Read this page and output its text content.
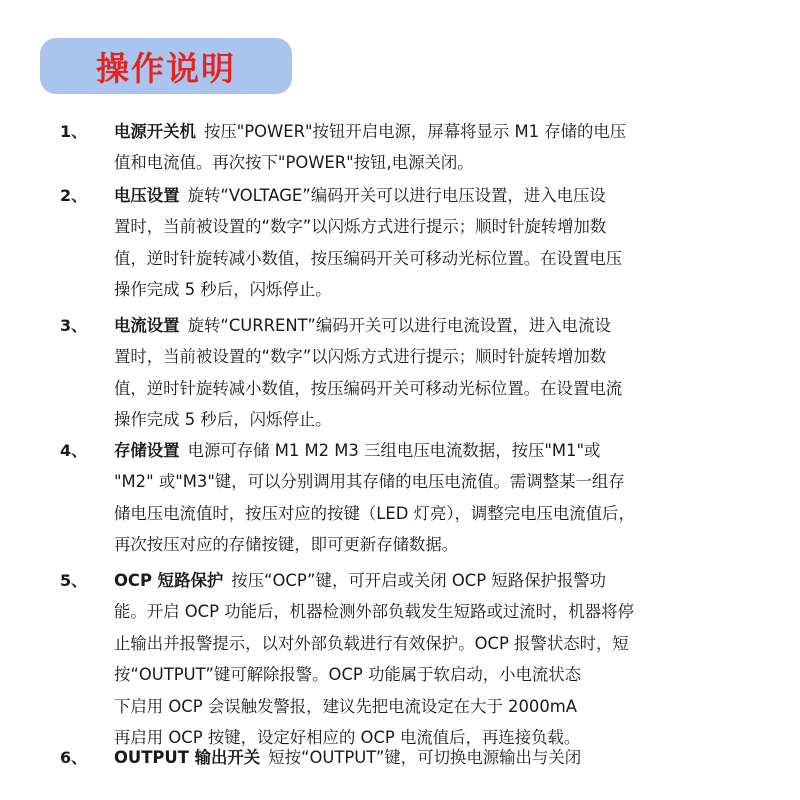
操作说明
1、 电源开关机 按压"POWER"按钮开启电源，屏幕将显示 M1 存储的电压
值和电流值。再次按下"POWER"按钮,电源关闭。
2、 电压设置 旋转“VOLTAGE”编码开关可以进行电压设置，进入电压设
置时，当前被设置的“数字”以闪烁方式进行提示；顺时针旋转增加数
值，逆时针旋转减小数值，按压编码开关可移动光标位置。在设置电压
操作完成 5 秒后，闪烁停止。
3、 电流设置 旋转“CURRENT”编码开关可以进行电流设置，进入电流设
置时，当前被设置的“数字”以闪烁方式进行提示；顺时针旋转增加数
值，逆时针旋转减小数值，按压编码开关可移动光标位置。在设置电流
操作完成 5 秒后，闪烁停止。
4、 存储设置 电源可存储 M1 M2 M3 三组电压电流数据，按压"M1"或
"M2" 或"M3"键，可以分别调用其存储的电压电流值。需调整某一组存
储电压电流值时，按压对应的按键（LED 灯亮），调整完电压电流值后，
再次按压对应的存储按键，即可更新存储数据。
5、 OCP 短路保护 按压“OCP”键，可开启或关闭 OCP 短路保护报警功
能。开启 OCP 功能后，机器检测外部负载发生短路或过流时，机器将停
止输出并报警提示，以对外部负载进行有效保护。OCP 报警状态时，短
按“OUTPUT”键可解除报警。OCP 功能属于软启动，小电流状态
下启用 OCP 会误触发警报，建议先把电流设定在大于 2000mA
再启用 OCP 按键，设定好相应的 OCP 电流值后，再连接负载。
6、 OUTPUT 输出开关 短按“OUTPUT”键，可切换电源输出与关闭
